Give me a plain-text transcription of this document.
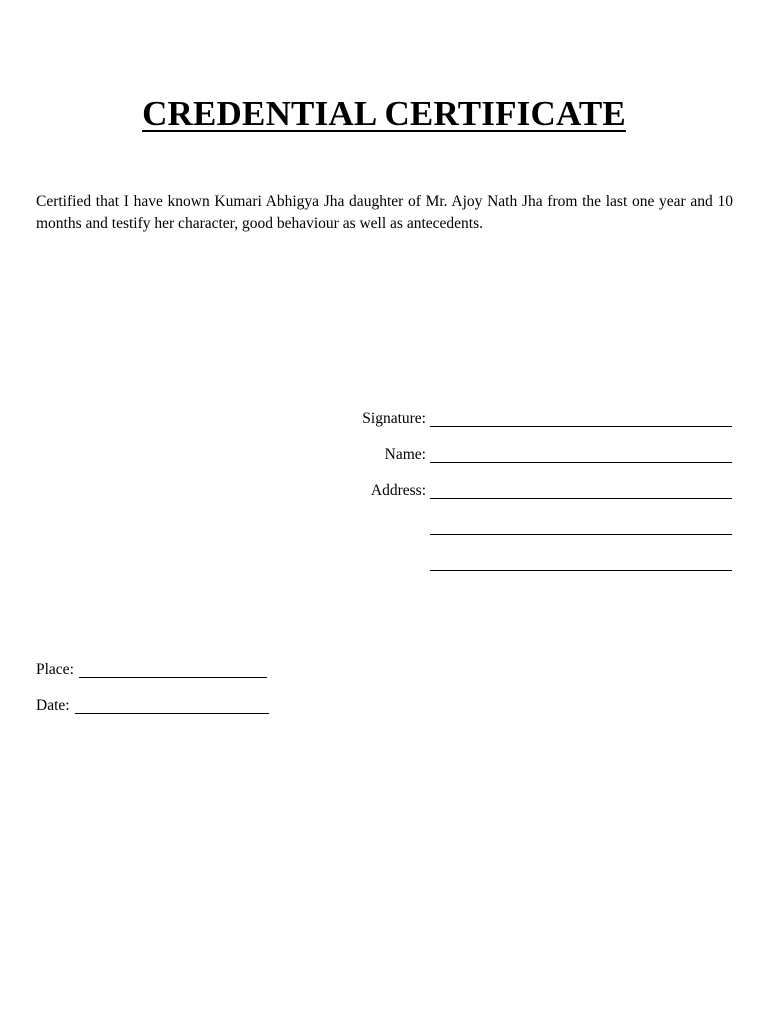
CREDENTIAL CERTIFICATE
Certified that I have known Kumari Abhigya Jha daughter of Mr. Ajoy Nath Jha from the last one year and 10 months and testify her character, good behaviour as well as antecedents.
Signature:
Name:
Address:
Place:
Date:
